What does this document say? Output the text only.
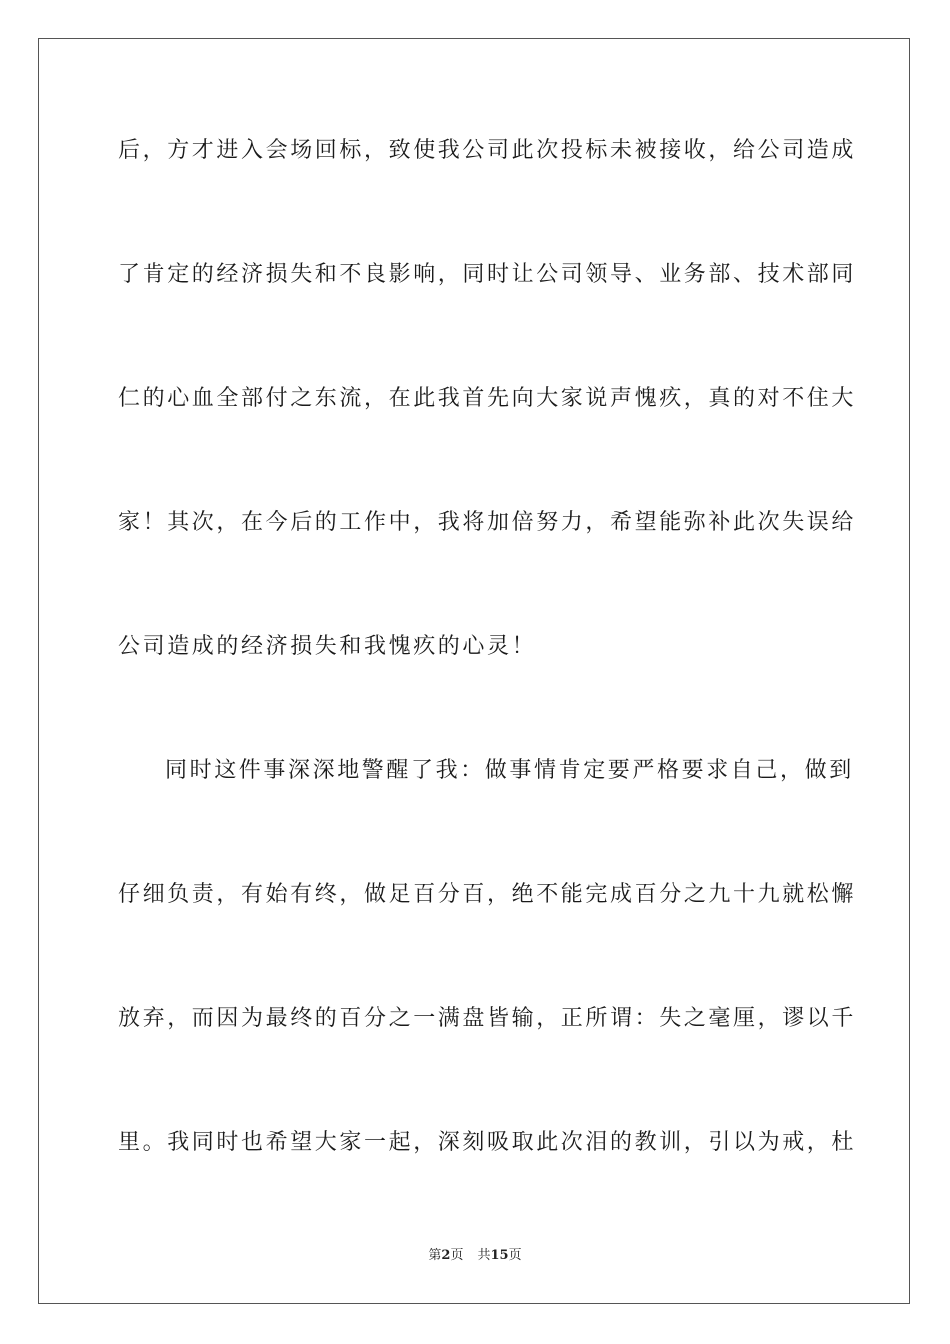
后，方才进入会场回标，致使我公司此次投标未被接收，给公司造成
了肯定的经济损失和不良影响，同时让公司领导、业务部、技术部同
仁的心血全部付之东流，在此我首先向大家说声愧疚，真的对不住大
家！其次，在今后的工作中，我将加倍努力，希望能弥补此次失误给
公司造成的经济损失和我愧疚的心灵！
同时这件事深深地警醒了我：做事情肯定要严格要求自己，做到
仔细负责，有始有终，做足百分百，绝不能完成百分之九十九就松懈
放弃，而因为最终的百分之一满盘皆输，正所谓：失之毫厘，谬以千
里。我同时也希望大家一起，深刻吸取此次泪的教训，引以为戒，杜
第2页 共15页
